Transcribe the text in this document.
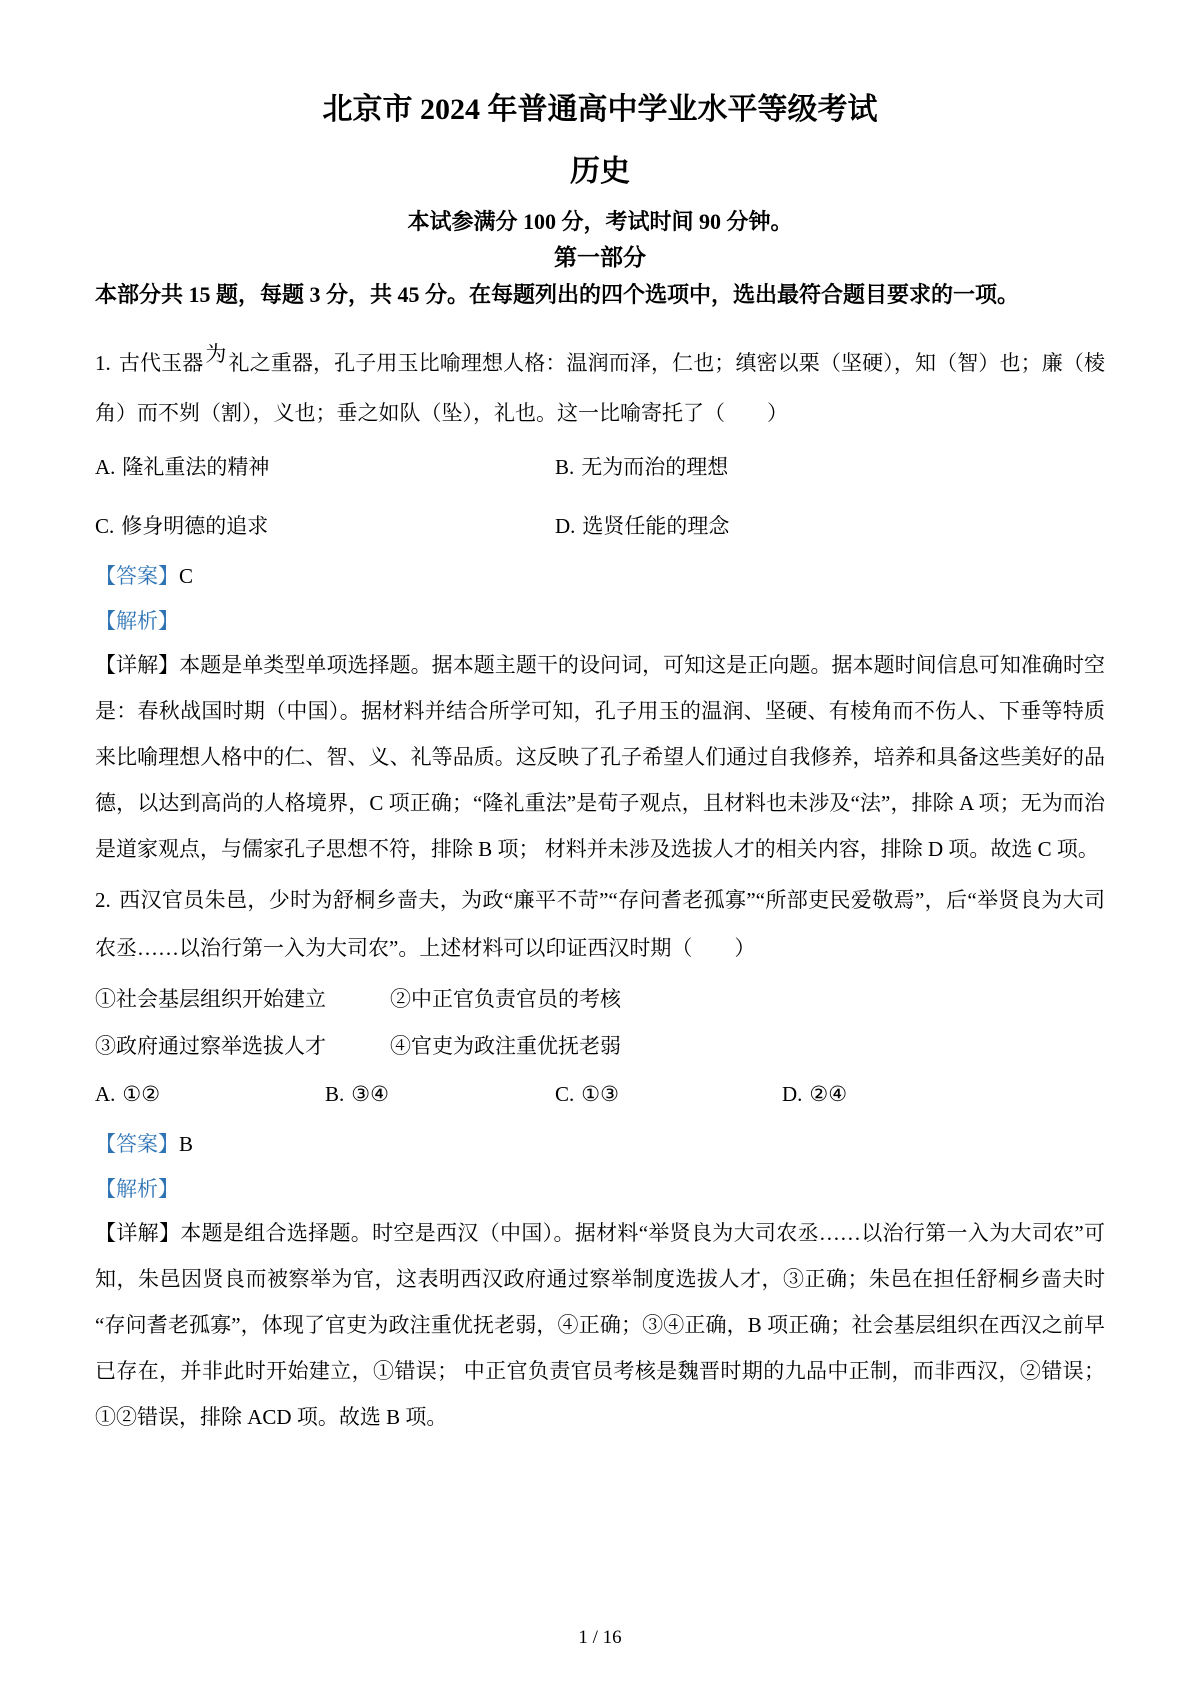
北京市 2024 年普通高中学业水平等级考试
历史

本试参满分 100 分，考试时间 90 分钟。

第一部分

本部分共 15 题，每题 3 分，共 45 分。在每题列出的四个选项中，选出最符合题目要求的一项。

1. 古代玉器为礼之重器，孔子用玉比喻理想人格：温润而泽，仁也；缜密以栗（坚硬），知（智）也；廉（棱角）而不刿（割），义也；垂之如队（坠），礼也。这一比喻寄托了（　　）

A. 隆礼重法的精神	B. 无为而治的理想
C. 修身明德的追求	D. 选贤任能的理念

【答案】C

【解析】

【详解】本题是单类型单项选择题。据本题主题干的设问词，可知这是正向题。据本题时间信息可知准确时空是：春秋战国时期（中国）。据材料并结合所学可知，孔子用玉的温润、坚硬、有棱角而不伤人、下垂等特质来比喻理想人格中的仁、智、义、礼等品质。这反映了孔子希望人们通过自我修养，培养和具备这些美好的品德，以达到高尚的人格境界，C 项正确；“隆礼重法”是荀子观点，且材料也未涉及“法”，排除 A 项；无为而治是道家观点，与儒家孔子思想不符，排除 B 项； 材料并未涉及选拔人才的相关内容，排除 D 项。故选 C 项。

2. 西汉官员朱邑，少时为舒桐乡啬夫，为政“廉平不苛”“存问耆老孤寡”“所部吏民爱敬焉”，后“举贤良为大司农丞……以治行第一入为大司农”。上述材料可以印证西汉时期（　　）

①社会基层组织开始建立	②中正官负责官员的考核
③政府通过察举选拔人才	④官吏为政注重优抚老弱
A. ①②	B. ③④	C. ①③	D. ②④

【答案】B

【解析】

【详解】本题是组合选择题。时空是西汉（中国）。据材料“举贤良为大司农丞……以治行第一入为大司农”可知，朱邑因贤良而被察举为官，这表明西汉政府通过察举制度选拔人才，③正确；朱邑在担任舒桐乡啬夫时“存问耆老孤寡”，体现了官吏为政注重优抚老弱，④正确；③④正确，B 项正确；社会基层组织在西汉之前早已存在，并非此时开始建立，①错误； 中正官负责官员考核是魏晋时期的九品中正制，而非西汉，②错误；①②错误，排除 ACD 项。故选 B 项。

1 / 16
